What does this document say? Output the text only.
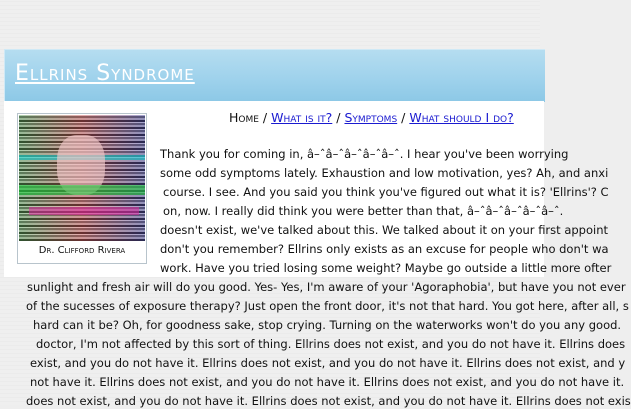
Ellrins Syndrome
Home / What is it? / Symptoms / What should I do?
Dr. Clifford Rivera
Thank you for coming in, â–ˆâ–ˆâ–ˆâ–ˆâ–ˆ. I hear you've been worrying
some odd symptoms lately. Exhaustion and low motivation, yes? Ah, and anxi
course. I see. And you said you think you've figured out what it is? 'Ellrins'? C
on, now. I really did think you were better than that, â–ˆâ–ˆâ–ˆâ–ˆâ–ˆ.
doesn't exist, we've talked about this. We talked about it on your first appoint
don't you remember? Ellrins only exists as an excuse for people who don't wa
work. Have you tried losing some weight? Maybe go outside a little more ofter
sunlight and fresh air will do you good. Yes- Yes, I'm aware of your 'Agoraphobia', but have you not ever
of the sucesses of exposure therapy? Just open the front door, it's not that hard. You got here, after all, s
hard can it be? Oh, for goodness sake, stop crying. Turning on the waterworks won't do you any good.
doctor, I'm not affected by this sort of thing. Ellrins does not exist, and you do not have it. Ellrins does
exist, and you do not have it. Ellrins does not exist, and you do not have it. Ellrins does not exist, and y
not have it. Ellrins does not exist, and you do not have it. Ellrins does not exist, and you do not have it.
does not exist, and you do not have it. Ellrins does not exist, and you do not have it. Ellrins does not exis
